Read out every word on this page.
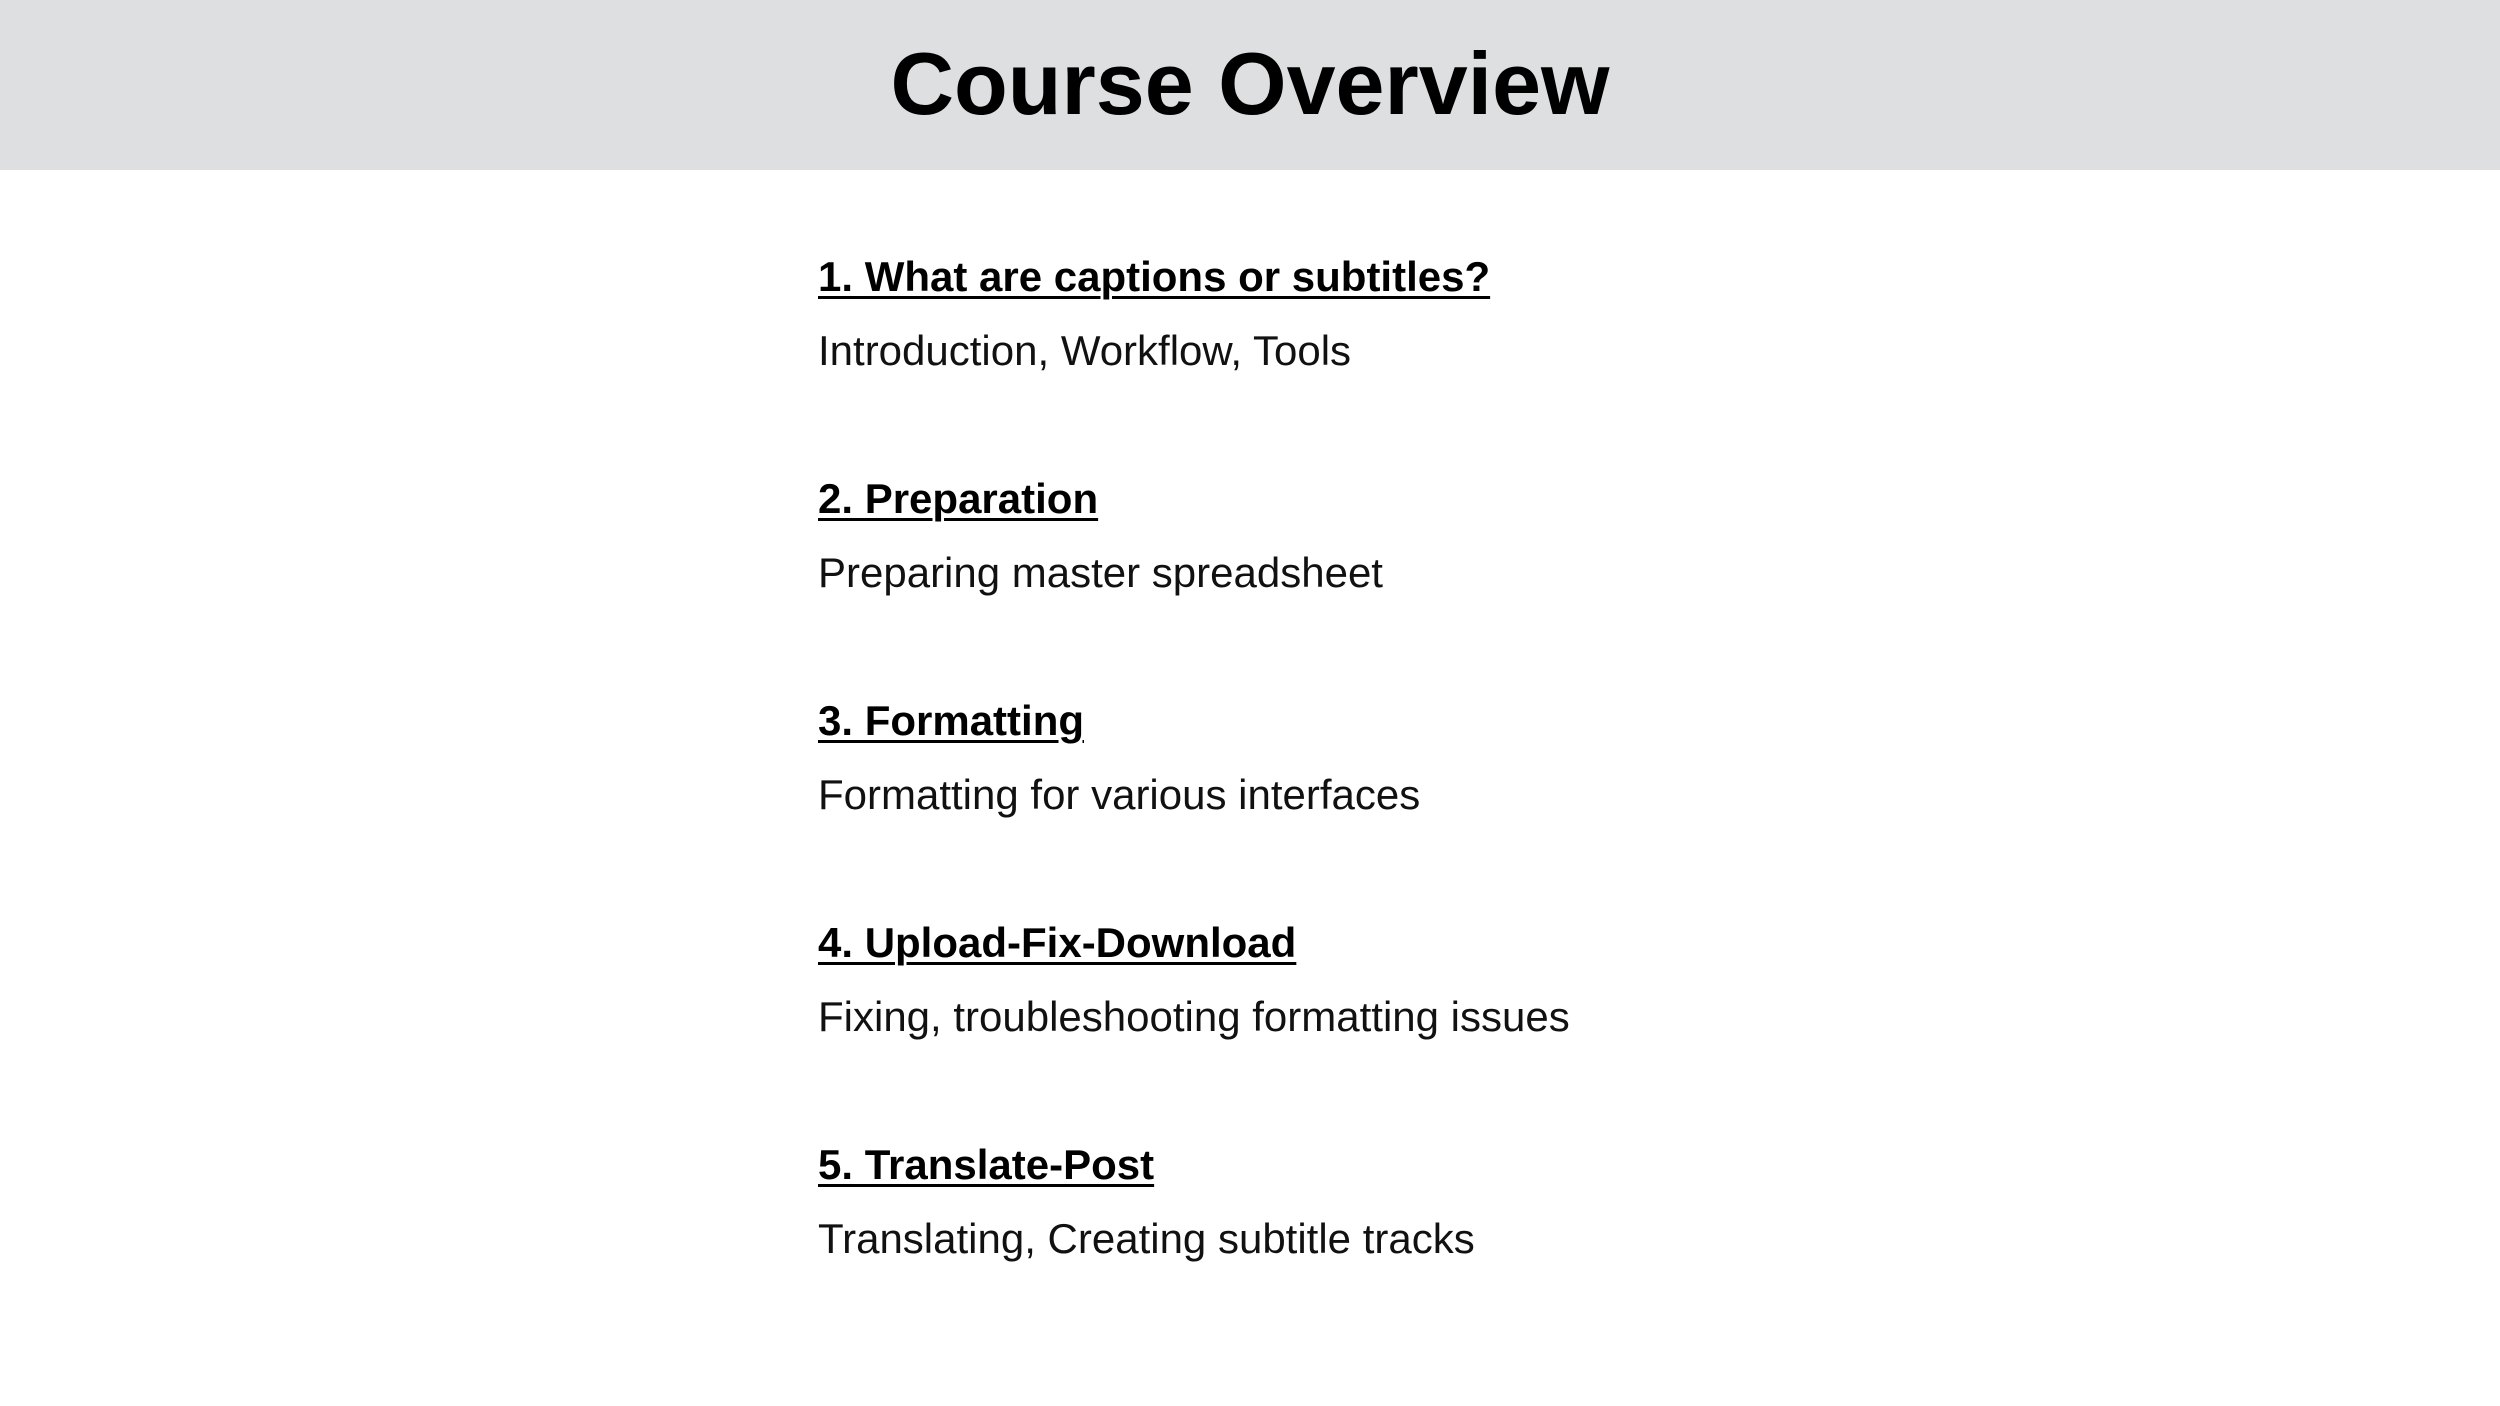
Course Overview

1. What are captions or subtitles?

Introduction, Workflow, Tools

2. Preparation

Preparing master spreadsheet

3. Formatting

Formatting for various interfaces

4. Upload-Fix-Download

Fixing, troubleshooting formatting issues

5. Translate-Post

Translating, Creating subtitle tracks
